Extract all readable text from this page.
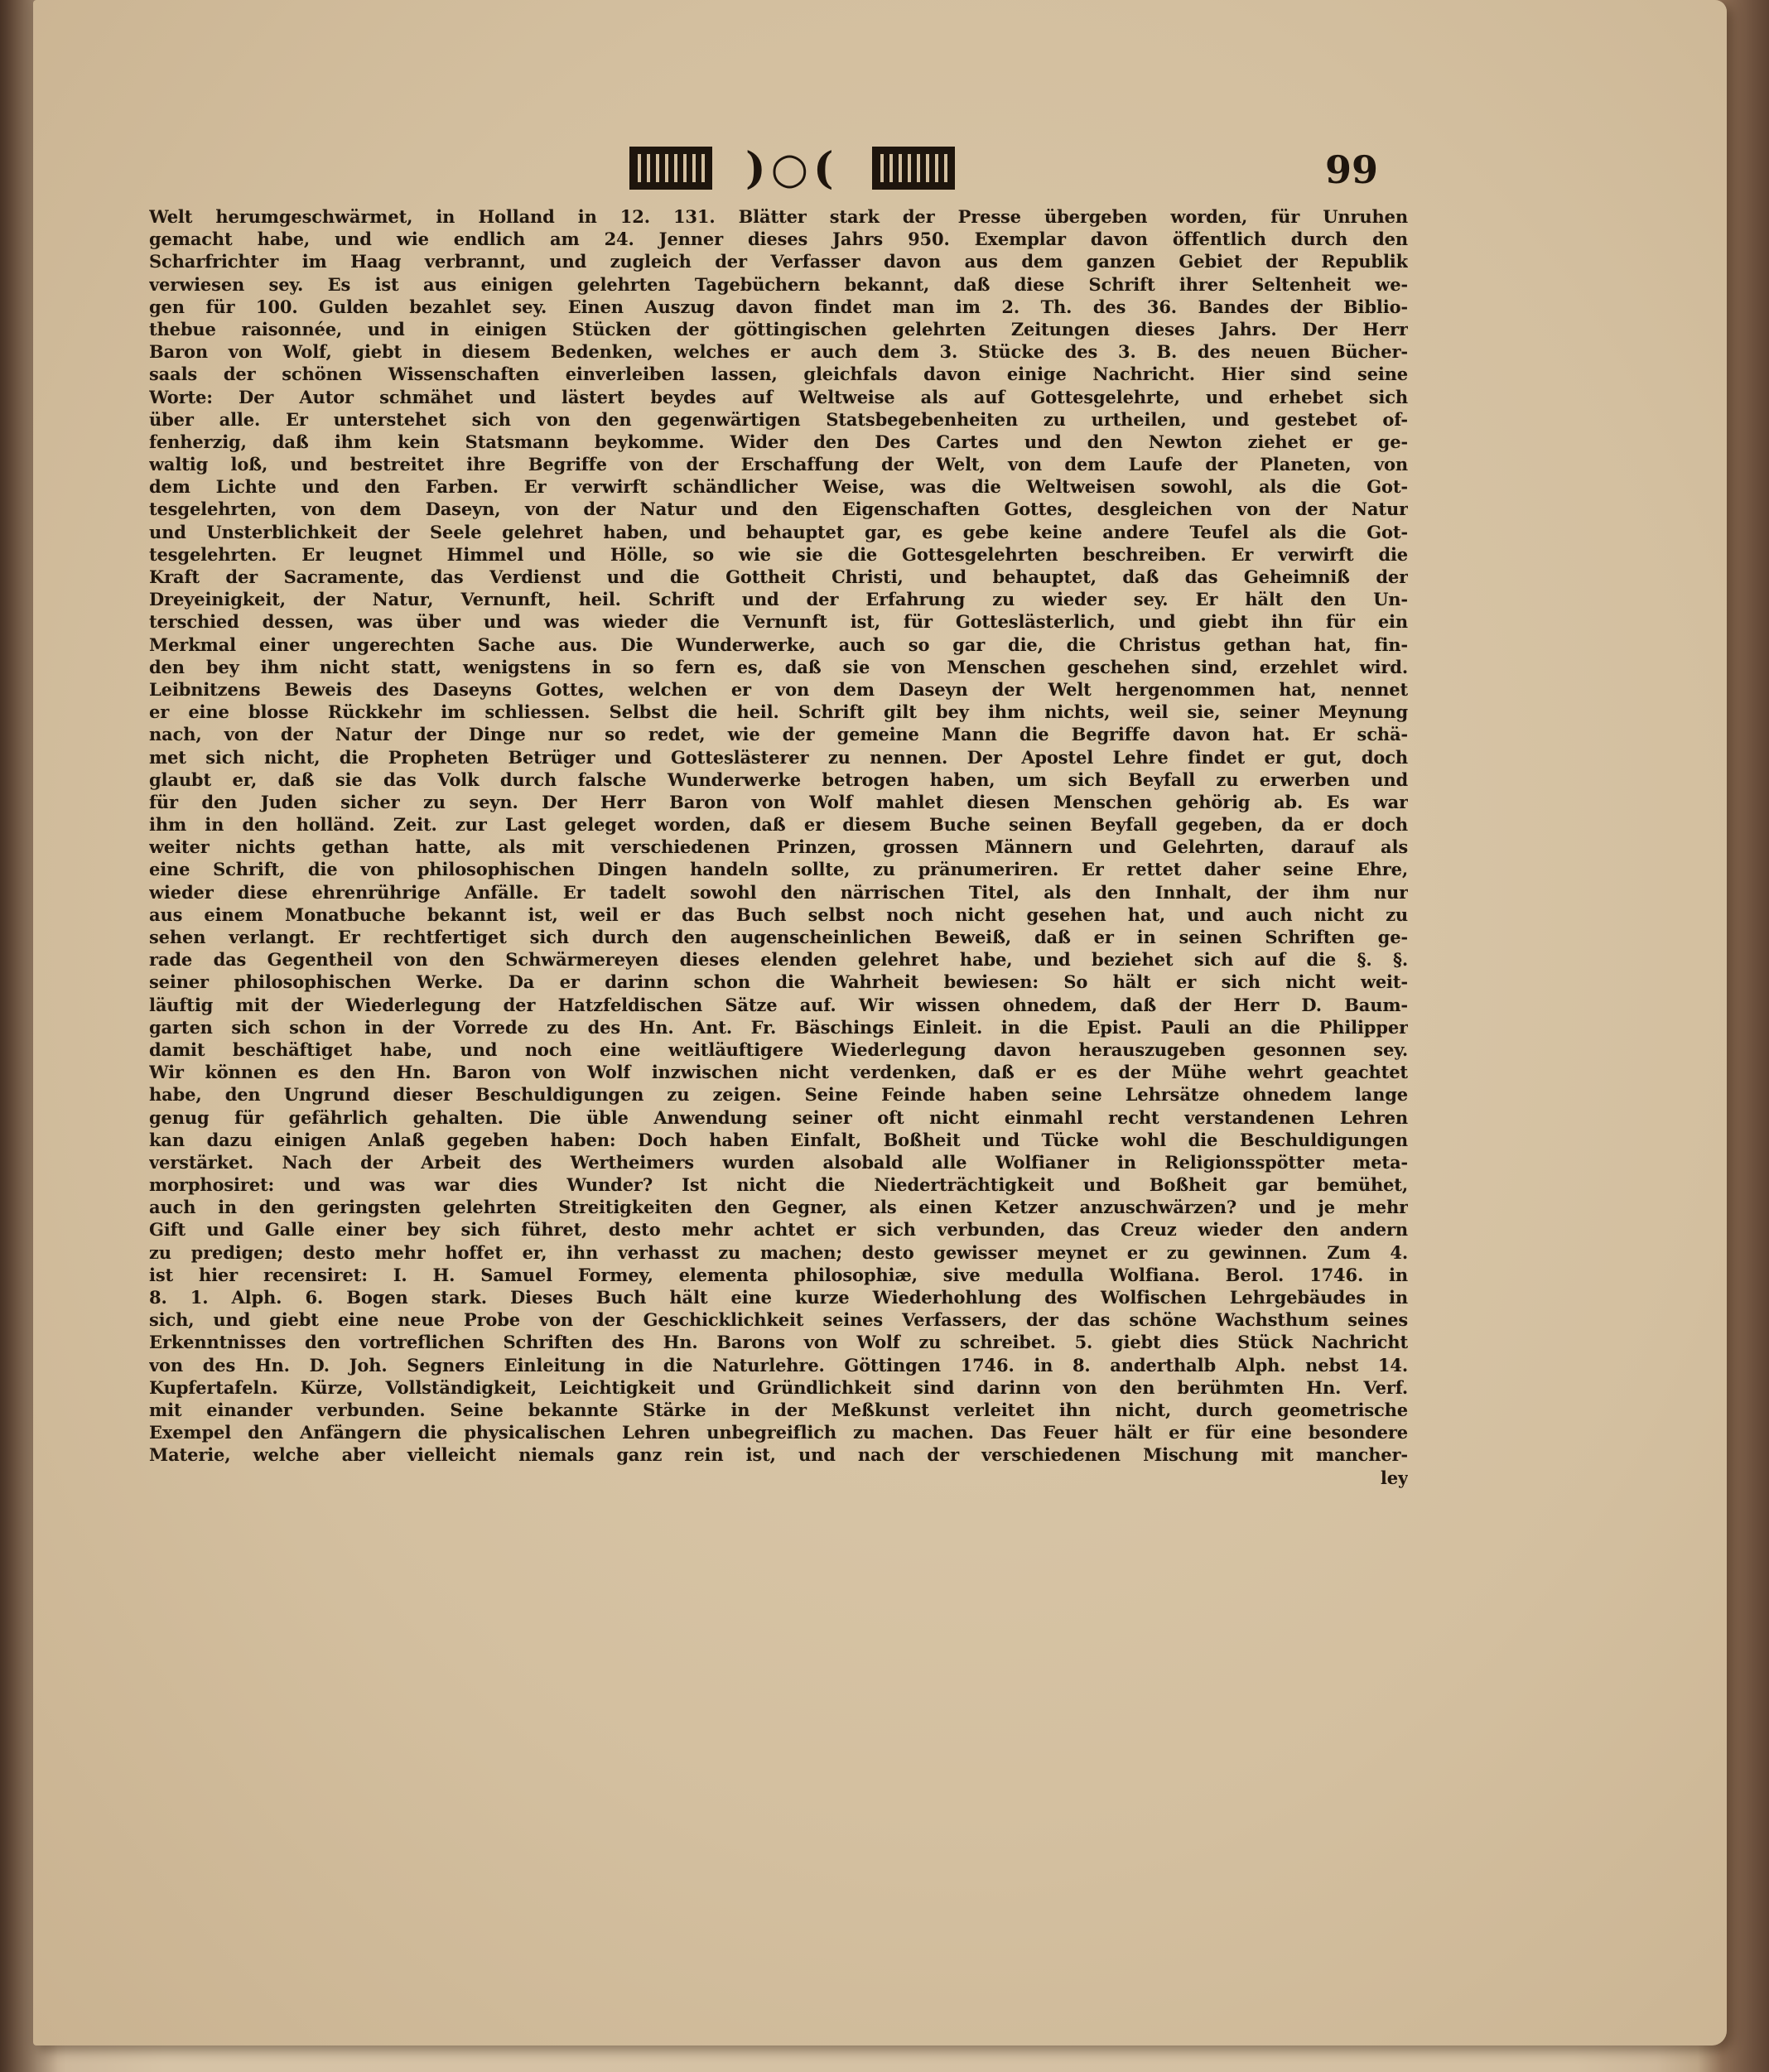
)○(	99
Welt herumgeschwärmet, in Holland in 12. 131. Blätter stark der Presse übergeben worden, für Unruhen
gemacht habe, und wie endlich am 24. Jenner dieses Jahrs 950. Exemplar davon öffentlich durch den
Scharfrichter im Haag verbrannt, und zugleich der Verfasser davon aus dem ganzen Gebiet der Republik
verwiesen sey. Es ist aus einigen gelehrten Tagebüchern bekannt, daß diese Schrift ihrer Seltenheit we-
gen für 100. Gulden bezahlet sey. Einen Auszug davon findet man im 2. Th. des 36. Bandes der Biblio-
thebue raisonnée, und in einigen Stücken der göttingischen gelehrten Zeitungen dieses Jahrs. Der Herr
Baron von Wolf, giebt in diesem Bedenken, welches er auch dem 3. Stücke des 3. B. des neuen Bücher-
saals der schönen Wissenschaften einverleiben lassen, gleichfals davon einige Nachricht. Hier sind seine
Worte: Der Autor schmähet und lästert beydes auf Weltweise als auf Gottesgelehrte, und erhebet sich
über alle. Er unterstehet sich von den gegenwärtigen Statsbegebenheiten zu urtheilen, und gestebet of-
fenherzig, daß ihm kein Statsmann beykomme. Wider den Des Cartes und den Newton ziehet er ge-
waltig loß, und bestreitet ihre Begriffe von der Erschaffung der Welt, von dem Laufe der Planeten, von
dem Lichte und den Farben. Er verwirft schändlicher Weise, was die Weltweisen sowohl, als die Got-
tesgelehrten, von dem Daseyn, von der Natur und den Eigenschaften Gottes, desgleichen von der Natur
und Unsterblichkeit der Seele gelehret haben, und behauptet gar, es gebe keine andere Teufel als die Got-
tesgelehrten. Er leugnet Himmel und Hölle, so wie sie die Gottesgelehrten beschreiben. Er verwirft die
Kraft der Sacramente, das Verdienst und die Gottheit Christi, und behauptet, daß das Geheimniß der
Dreyeinigkeit, der Natur, Vernunft, heil. Schrift und der Erfahrung zu wieder sey. Er hält den Un-
terschied dessen, was über und was wieder die Vernunft ist, für Gotteslästerlich, und giebt ihn für ein
Merkmal einer ungerechten Sache aus. Die Wunderwerke, auch so gar die, die Christus gethan hat, fin-
den bey ihm nicht statt, wenigstens in so fern es, daß sie von Menschen geschehen sind, erzehlet wird.
Leibnitzens Beweis des Daseyns Gottes, welchen er von dem Daseyn der Welt hergenommen hat, nennet
er eine blosse Rückkehr im schliessen. Selbst die heil. Schrift gilt bey ihm nichts, weil sie, seiner Meynung
nach, von der Natur der Dinge nur so redet, wie der gemeine Mann die Begriffe davon hat. Er schä-
met sich nicht, die Propheten Betrüger und Gotteslästerer zu nennen. Der Apostel Lehre findet er gut, doch
glaubt er, daß sie das Volk durch falsche Wunderwerke betrogen haben, um sich Beyfall zu erwerben und
für den Juden sicher zu seyn. Der Herr Baron von Wolf mahlet diesen Menschen gehörig ab. Es war
ihm in den holländ. Zeit. zur Last geleget worden, daß er diesem Buche seinen Beyfall gegeben, da er doch
weiter nichts gethan hatte, als mit verschiedenen Prinzen, grossen Männern und Gelehrten, darauf als
eine Schrift, die von philosophischen Dingen handeln sollte, zu pränumeriren. Er rettet daher seine Ehre,
wieder diese ehrenrührige Anfälle. Er tadelt sowohl den närrischen Titel, als den Innhalt, der ihm nur
aus einem Monatbuche bekannt ist, weil er das Buch selbst noch nicht gesehen hat, und auch nicht zu
sehen verlangt. Er rechtfertiget sich durch den augenscheinlichen Beweiß, daß er in seinen Schriften ge-
rade das Gegentheil von den Schwärmereyen dieses elenden gelehret habe, und beziehet sich auf die §. §.
seiner philosophischen Werke. Da er darinn schon die Wahrheit bewiesen: So hält er sich nicht weit-
läuftig mit der Wiederlegung der Hatzfeldischen Sätze auf. Wir wissen ohnedem, daß der Herr D. Baum-
garten sich schon in der Vorrede zu des Hn. Ant. Fr. Bäschings Einleit. in die Epist. Pauli an die Philipper
damit beschäftiget habe, und noch eine weitläuftigere Wiederlegung davon herauszugeben gesonnen sey.
Wir können es den Hn. Baron von Wolf inzwischen nicht verdenken, daß er es der Mühe wehrt geachtet
habe, den Ungrund dieser Beschuldigungen zu zeigen. Seine Feinde haben seine Lehrsätze ohnedem lange
genug für gefährlich gehalten. Die üble Anwendung seiner oft nicht einmahl recht verstandenen Lehren
kan dazu einigen Anlaß gegeben haben: Doch haben Einfalt, Boßheit und Tücke wohl die Beschuldigungen
verstärket. Nach der Arbeit des Wertheimers wurden alsobald alle Wolfianer in Religionsspötter meta-
morphosiret: und was war dies Wunder? Ist nicht die Niederträchtigkeit und Boßheit gar bemühet,
auch in den geringsten gelehrten Streitigkeiten den Gegner, als einen Ketzer anzuschwärzen? und je mehr
Gift und Galle einer bey sich führet, desto mehr achtet er sich verbunden, das Creuz wieder den andern
zu predigen; desto mehr hoffet er, ihn verhasst zu machen; desto gewisser meynet er zu gewinnen. Zum 4.
ist hier recensiret: I. H. Samuel Formey, elementa philosophiæ, sive medulla Wolfiana. Berol. 1746. in
8. 1. Alph. 6. Bogen stark. Dieses Buch hält eine kurze Wiederhohlung des Wolfischen Lehrgebäudes in
sich, und giebt eine neue Probe von der Geschicklichkeit seines Verfassers, der das schöne Wachsthum seines
Erkenntnisses den vortreflichen Schriften des Hn. Barons von Wolf zu schreibet. 5. giebt dies Stück Nachricht
von des Hn. D. Joh. Segners Einleitung in die Naturlehre. Göttingen 1746. in 8. anderthalb Alph. nebst 14.
Kupfertafeln. Kürze, Vollständigkeit, Leichtigkeit und Gründlichkeit sind darinn von den berühmten Hn. Verf.
mit einander verbunden. Seine bekannte Stärke in der Meßkunst verleitet ihn nicht, durch geometrische
Exempel den Anfängern die physicalischen Lehren unbegreiflich zu machen. Das Feuer hält er für eine besondere
Materie, welche aber vielleicht niemals ganz rein ist, und nach der verschiedenen Mischung mit mancher-
ley
